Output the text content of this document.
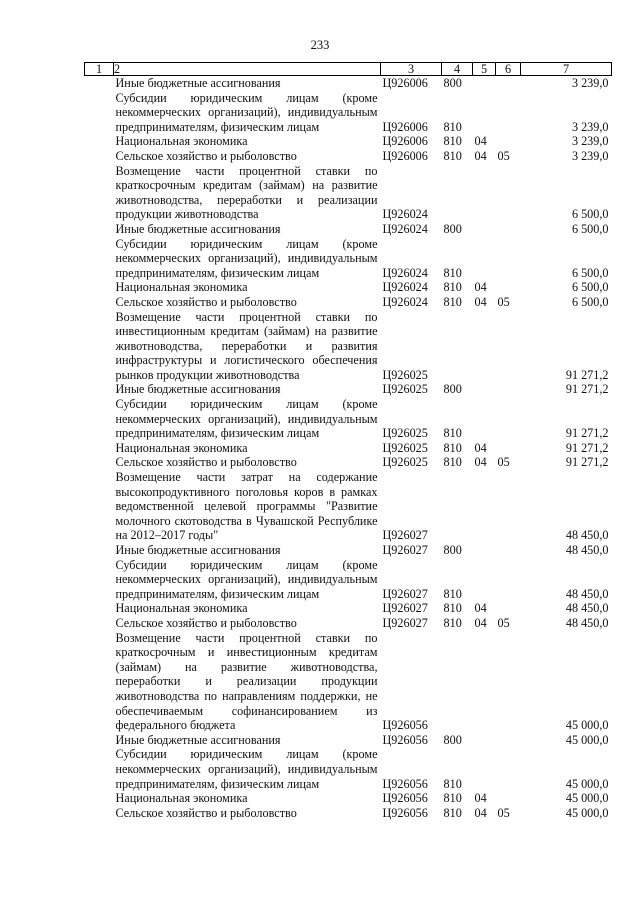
233
1	2	3	4	5	6	7
	Иные бюджетные ассигнования	Ц926006	800			3 239,0
	Субсидии юридическим лицам (кроме некоммерческих организаций), индивидуальным предпринимателям, физическим лицам	Ц926006	810			3 239,0
	Национальная экономика	Ц926006	810	04		3 239,0
	Сельское хозяйство и рыболовство	Ц926006	810	04	05	3 239,0
	Возмещение части процентной ставки по краткосрочным кредитам (займам) на развитие животноводства, переработки и реализации продукции животноводства	Ц926024				6 500,0
	Иные бюджетные ассигнования	Ц926024	800			6 500,0
	Субсидии юридическим лицам (кроме некоммерческих организаций), индивидуальным предпринимателям, физическим лицам	Ц926024	810			6 500,0
	Национальная экономика	Ц926024	810	04		6 500,0
	Сельское хозяйство и рыболовство	Ц926024	810	04	05	6 500,0
	Возмещение части процентной ставки по инвестиционным кредитам (займам) на развитие животноводства, переработки и развития инфраструктуры и логистического обеспечения рынков продукции животноводства	Ц926025				91 271,2
	Иные бюджетные ассигнования	Ц926025	800			91 271,2
	Субсидии юридическим лицам (кроме некоммерческих организаций), индивидуальным предпринимателям, физическим лицам	Ц926025	810			91 271,2
	Национальная экономика	Ц926025	810	04		91 271,2
	Сельское хозяйство и рыболовство	Ц926025	810	04	05	91 271,2
	Возмещение части затрат на содержание высокопродуктивного поголовья коров в рамках ведомственной целевой программы "Развитие молочного скотоводства в Чувашской Республике на 2012–2017 годы"	Ц926027				48 450,0
	Иные бюджетные ассигнования	Ц926027	800			48 450,0
	Субсидии юридическим лицам (кроме некоммерческих организаций), индивидуальным предпринимателям, физическим лицам	Ц926027	810			48 450,0
	Национальная экономика	Ц926027	810	04		48 450,0
	Сельское хозяйство и рыболовство	Ц926027	810	04	05	48 450,0
	Возмещение части процентной ставки по краткосрочным и инвестиционным кредитам (займам) на развитие животноводства, переработки и реализации продукции животноводства по направлениям поддержки, не обеспечиваемым софинансированием из федерального бюджета	Ц926056				45 000,0
	Иные бюджетные ассигнования	Ц926056	800			45 000,0
	Субсидии юридическим лицам (кроме некоммерческих организаций), индивидуальным предпринимателям, физическим лицам	Ц926056	810			45 000,0
	Национальная экономика	Ц926056	810	04		45 000,0
	Сельское хозяйство и рыболовство	Ц926056	810	04	05	45 000,0
